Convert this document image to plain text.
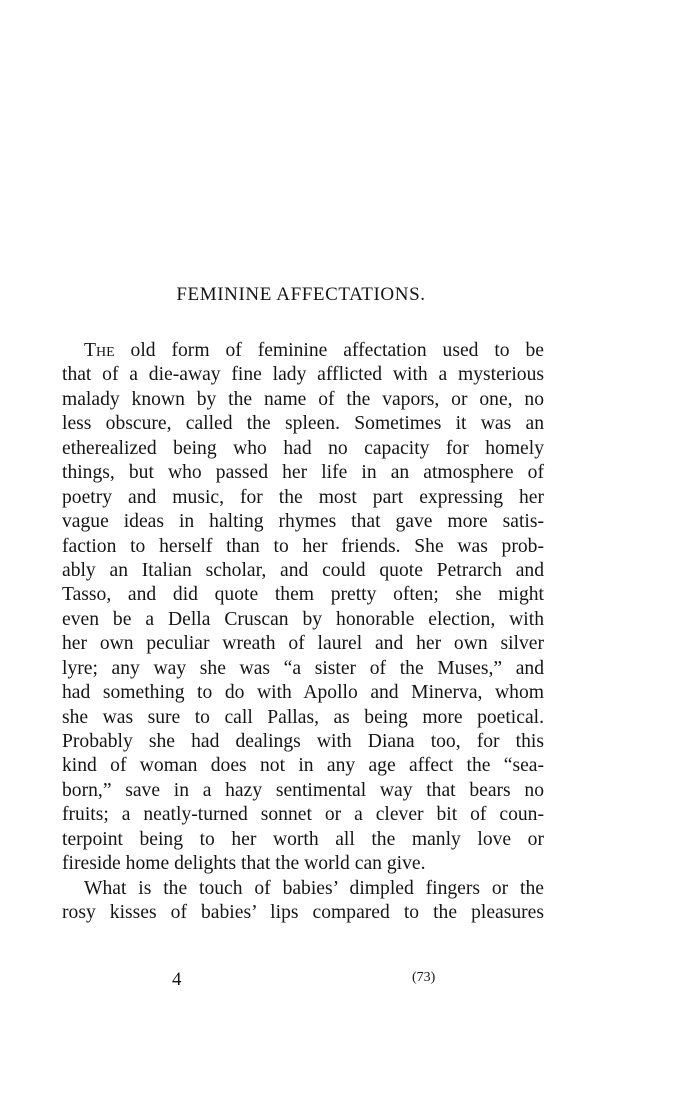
FEMININE AFFECTATIONS.
The old form of feminine affectation used to be
that of a die-away fine lady afflicted with a mysterious
malady known by the name of the vapors, or one, no
less obscure, called the spleen. Sometimes it was an
etherealized being who had no capacity for homely
things, but who passed her life in an atmosphere of
poetry and music, for the most part expressing her
vague ideas in halting rhymes that gave more satis-
faction to herself than to her friends. She was prob-
ably an Italian scholar, and could quote Petrarch and
Tasso, and did quote them pretty often; she might
even be a Della Cruscan by honorable election, with
her own peculiar wreath of laurel and her own silver
lyre; any way she was “a sister of the Muses,” and
had something to do with Apollo and Minerva, whom
she was sure to call Pallas, as being more poetical.
Probably she had dealings with Diana too, for this
kind of woman does not in any age affect the “sea-
born,” save in a hazy sentimental way that bears no
fruits; a neatly-turned sonnet or a clever bit of coun-
terpoint being to her worth all the manly love or
fireside home delights that the world can give.
What is the touch of babies’ dimpled fingers or the
rosy kisses of babies’ lips compared to the pleasures
4	(73)
